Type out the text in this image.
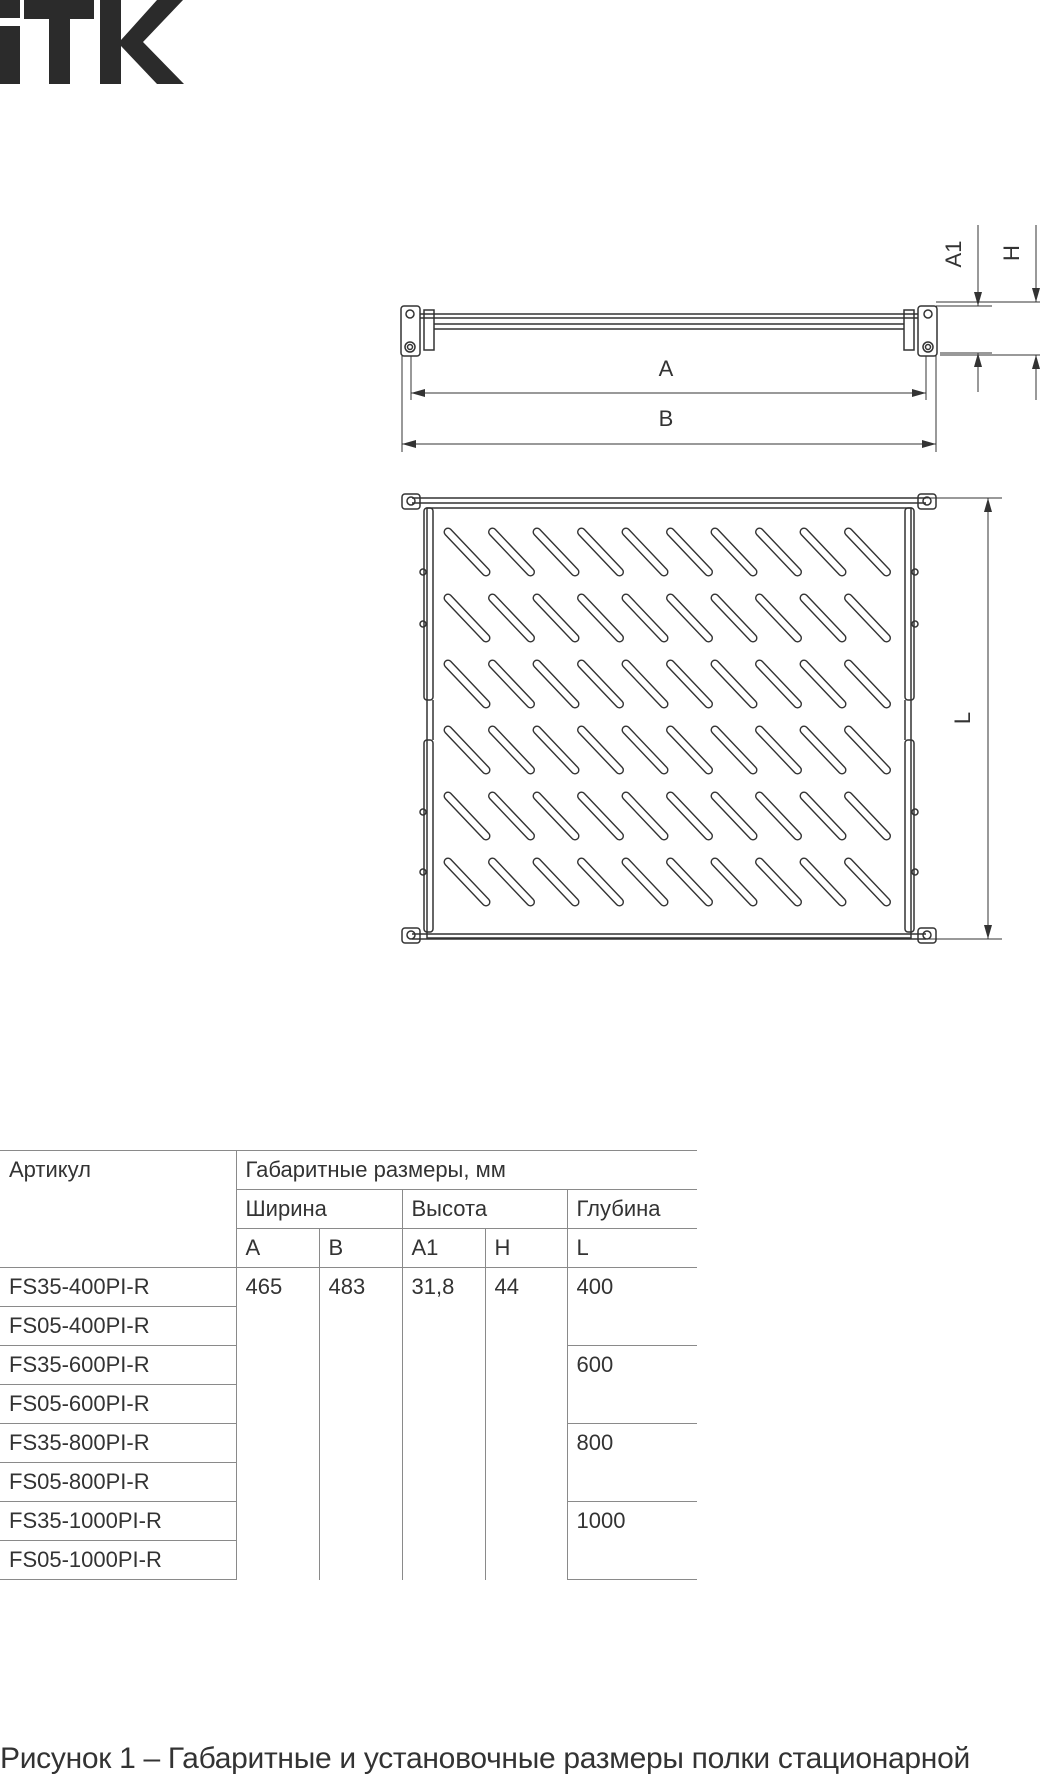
A
B
A1 H
L
Артикул	Габаритные размеры, мм				
	Ширина		Высота		Глубина
	A	B	A1	H	L
FS35-400PI-R	465	483	31,8	44	400
FS05-400PI-R					
FS35-600PI-R					600
FS05-600PI-R					
FS35-800PI-R					800
FS05-800PI-R					
FS35-1000PI-R					1000
FS05-1000PI-R					
Рисунок 1 – Габаритные и установочные размеры полки стационарной
